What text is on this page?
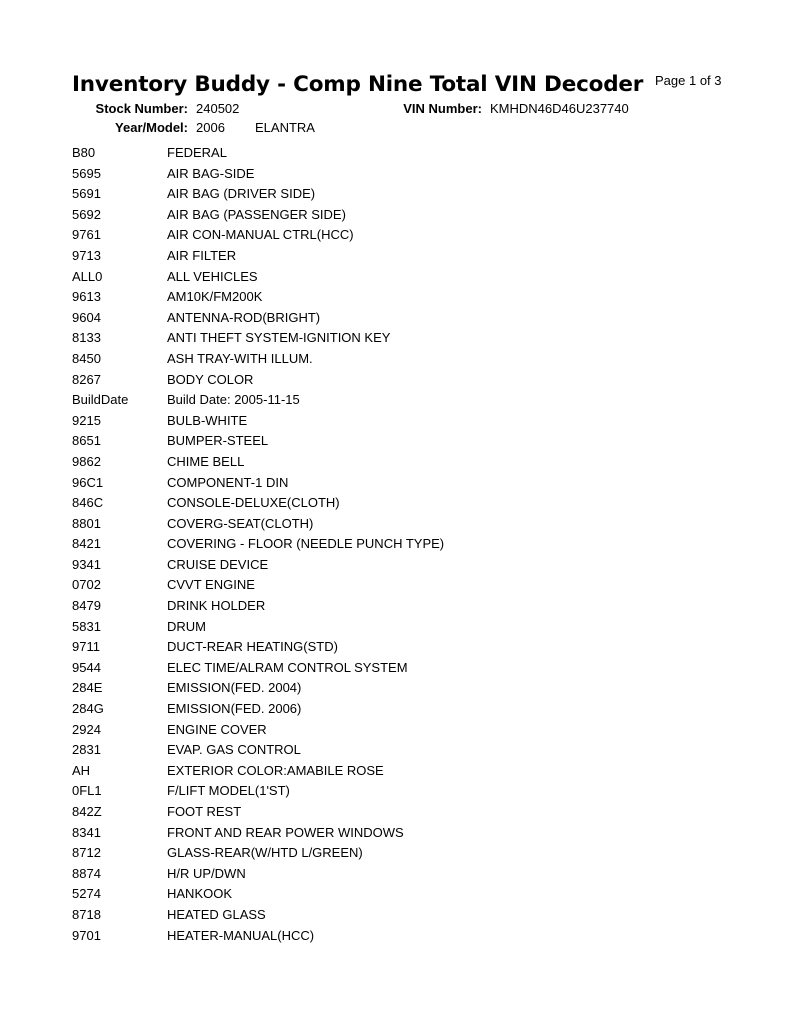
Inventory Buddy - Comp Nine Total VIN Decoder Page 1 of 3
Stock Number: 240502	VIN Number: KMHDN46D46U237740
Year/Model: 2006 ELANTRA
B80	FEDERAL
5695	AIR BAG-SIDE
5691	AIR BAG (DRIVER SIDE)
5692	AIR BAG (PASSENGER SIDE)
9761	AIR CON-MANUAL CTRL(HCC)
9713	AIR FILTER
ALL0	ALL VEHICLES
9613	AM10K/FM200K
9604	ANTENNA-ROD(BRIGHT)
8133	ANTI THEFT SYSTEM-IGNITION KEY
8450	ASH TRAY-WITH ILLUM.
8267	BODY COLOR
BuildDate	Build Date: 2005-11-15
9215	BULB-WHITE
8651	BUMPER-STEEL
9862	CHIME BELL
96C1	COMPONENT-1 DIN
846C	CONSOLE-DELUXE(CLOTH)
8801	COVERG-SEAT(CLOTH)
8421	COVERING - FLOOR (NEEDLE PUNCH TYPE)
9341	CRUISE DEVICE
0702	CVVT ENGINE
8479	DRINK HOLDER
5831	DRUM
9711	DUCT-REAR HEATING(STD)
9544	ELEC TIME/ALRAM CONTROL SYSTEM
284E	EMISSION(FED. 2004)
284G	EMISSION(FED. 2006)
2924	ENGINE COVER
2831	EVAP. GAS CONTROL
AH	EXTERIOR COLOR:AMABILE ROSE
0FL1	F/LIFT MODEL(1'ST)
842Z	FOOT REST
8341	FRONT AND REAR POWER WINDOWS
8712	GLASS-REAR(W/HTD L/GREEN)
8874	H/R UP/DWN
5274	HANKOOK
8718	HEATED GLASS
9701	HEATER-MANUAL(HCC)
